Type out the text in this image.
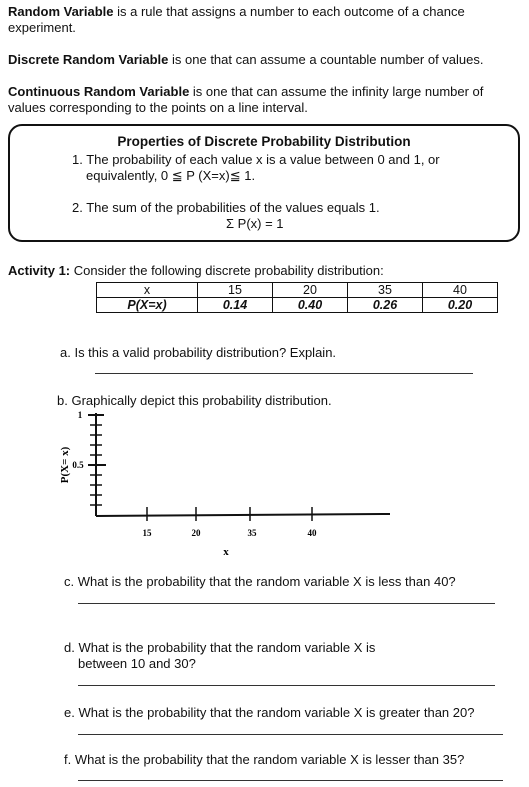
Random Variable is a rule that assigns a number to each outcome of a chance experiment.
Discrete Random Variable is one that can assume a countable number of values.
Continuous Random Variable is one that can assume the infinity large number of values corresponding to the points on a line interval.
Properties of Discrete Probability Distribution
1. The probability of each value x is a value between 0 and 1, or
equivalently, 0 ≦ P (X=x)≦ 1.
2. The sum of the probabilities of the values equals 1.
Σ P(x) = 1
Activity 1: Consider the following discrete probability distribution:
x	15	20	35	40
P(X=x)	0.14	0.40	0.26	0.20
a. Is this a valid probability distribution? Explain.
b. Graphically depict this probability distribution.
1
0.5
P(X= x)
15	20	35	40
x
c. What is the probability that the random variable X is less than 40?
d. What is the probability that the random variable X is
between 10 and 30?
e. What is the probability that the random variable X is greater than 20?
f. What is the probability that the random variable X is lesser than 35?
